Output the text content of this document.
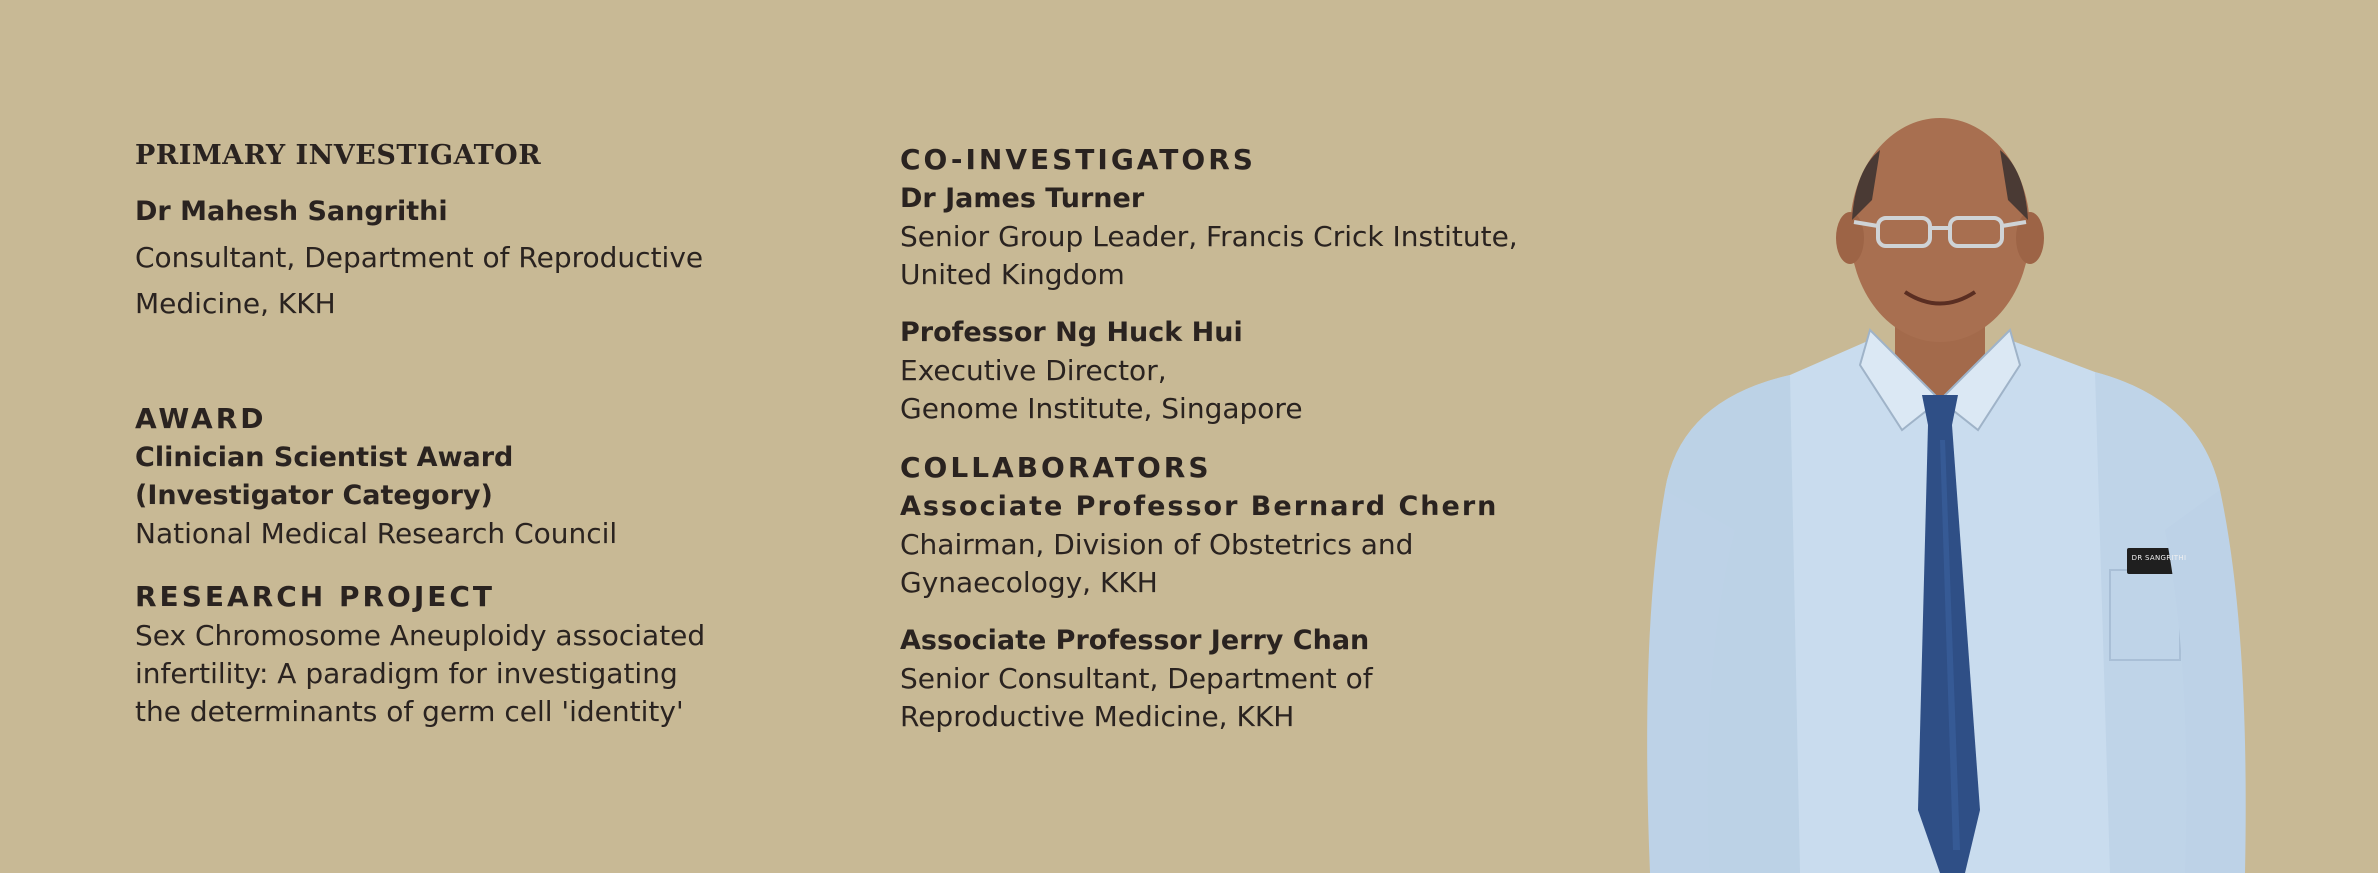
PRIMARY INVESTIGATOR

Dr Mahesh Sangrithi

Consultant, Department of Reproductive

Medicine, KKH

AWARD

Clinician Scientist Award

(Investigator Category)

National Medical Research Council

RESEARCH PROJECT

Sex Chromosome Aneuploidy associated

infertility: A paradigm for investigating

the determinants of germ cell 'identity'

CO-INVESTIGATORS

Dr James Turner

Senior Group Leader, Francis Crick Institute,

United Kingdom

Professor Ng Huck Hui

Executive Director,

Genome Institute, Singapore

COLLABORATORS

Associate Professor Bernard Chern

Chairman, Division of Obstetrics and

Gynaecology, KKH

Associate Professor Jerry Chan

Senior Consultant, Department of

Reproductive Medicine, KKH

DR SANGRITHI
